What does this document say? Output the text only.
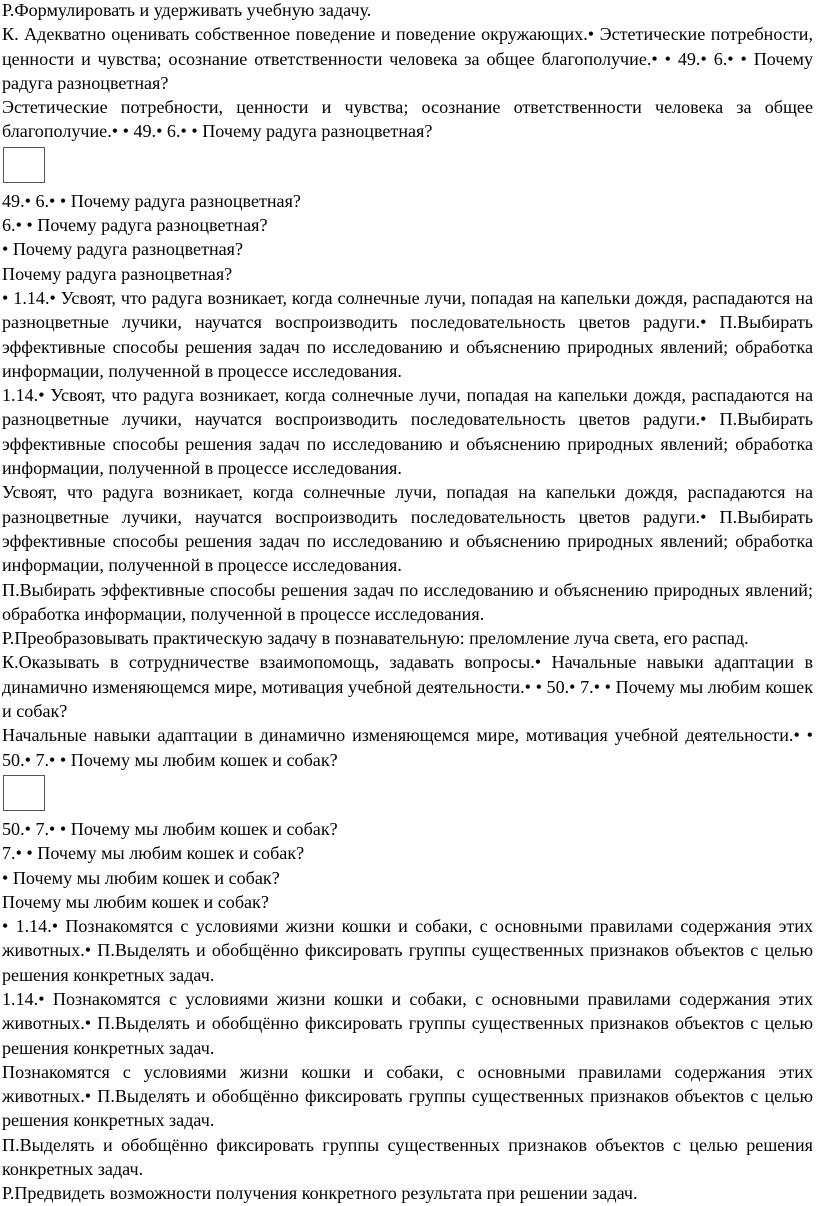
Р.Формулировать и удерживать учебную задачу.

К. Адекватно оценивать собственное поведение и поведение окружающих.• Эстетические потребности, ценности и чувства; осознание ответственности человека за общее благополучие.• • 49.• 6.• • Почему радуга разноцветная?

Эстетические потребности, ценности и чувства; осознание ответственности человека за общее благополучие.• • 49.• 6.• • Почему радуга разноцветная?

49.• 6.• • Почему радуга разноцветная?

6.• • Почему радуга разноцветная?

• Почему радуга разноцветная?

Почему радуга разноцветная?

• 1.14.• Усвоят, что радуга возникает, когда солнечные лучи, попадая на капельки дождя, распадаются на разноцветные лучики, научатся воспроизводить последовательность цветов радуги.• П.Выбирать эффективные способы решения задач по исследованию и объяснению природных явлений; обработка информации, полученной в процессе исследования.

1.14.• Усвоят, что радуга возникает, когда солнечные лучи, попадая на капельки дождя, распадаются на разноцветные лучики, научатся воспроизводить последовательность цветов радуги.• П.Выбирать эффективные способы решения задач по исследованию и объяснению природных явлений; обработка информации, полученной в процессе исследования.

Усвоят, что радуга возникает, когда солнечные лучи, попадая на капельки дождя, распадаются на разноцветные лучики, научатся воспроизводить последовательность цветов радуги.• П.Выбирать эффективные способы решения задач по исследованию и объяснению природных явлений; обработка информации, полученной в процессе исследования.

П.Выбирать эффективные способы решения задач по исследованию и объяснению природных явлений; обработка информации, полученной в процессе исследования.

Р.Преобразовывать практическую задачу в познавательную: преломление луча света, его распад.

К.Оказывать в сотрудничестве взаимопомощь, задавать вопросы.• Начальные навыки адаптации в динамично изменяющемся мире, мотивация учебной деятельности.• • 50.• 7.• • Почему мы любим кошек и собак?

Начальные навыки адаптации в динамично изменяющемся мире, мотивация учебной деятельности.• • 50.• 7.• • Почему мы любим кошек и собак?

50.• 7.• • Почему мы любим кошек и собак?

7.• • Почему мы любим кошек и собак?

• Почему мы любим кошек и собак?

Почему мы любим кошек и собак?

• 1.14.• Познакомятся с условиями жизни кошки и собаки, с основными правилами содержания этих животных.• П.Выделять и обобщённо фиксировать группы существенных признаков объектов с целью решения конкретных задач.

1.14.• Познакомятся с условиями жизни кошки и собаки, с основными правилами содержания этих животных.• П.Выделять и обобщённо фиксировать группы существенных признаков объектов с целью решения конкретных задач.

Познакомятся с условиями жизни кошки и собаки, с основными правилами содержания этих животных.• П.Выделять и обобщённо фиксировать группы существенных признаков объектов с целью решения конкретных задач.

П.Выделять и обобщённо фиксировать группы существенных признаков объектов с целью решения конкретных задач.

Р.Предвидеть возможности получения конкретного результата при решении задач.
